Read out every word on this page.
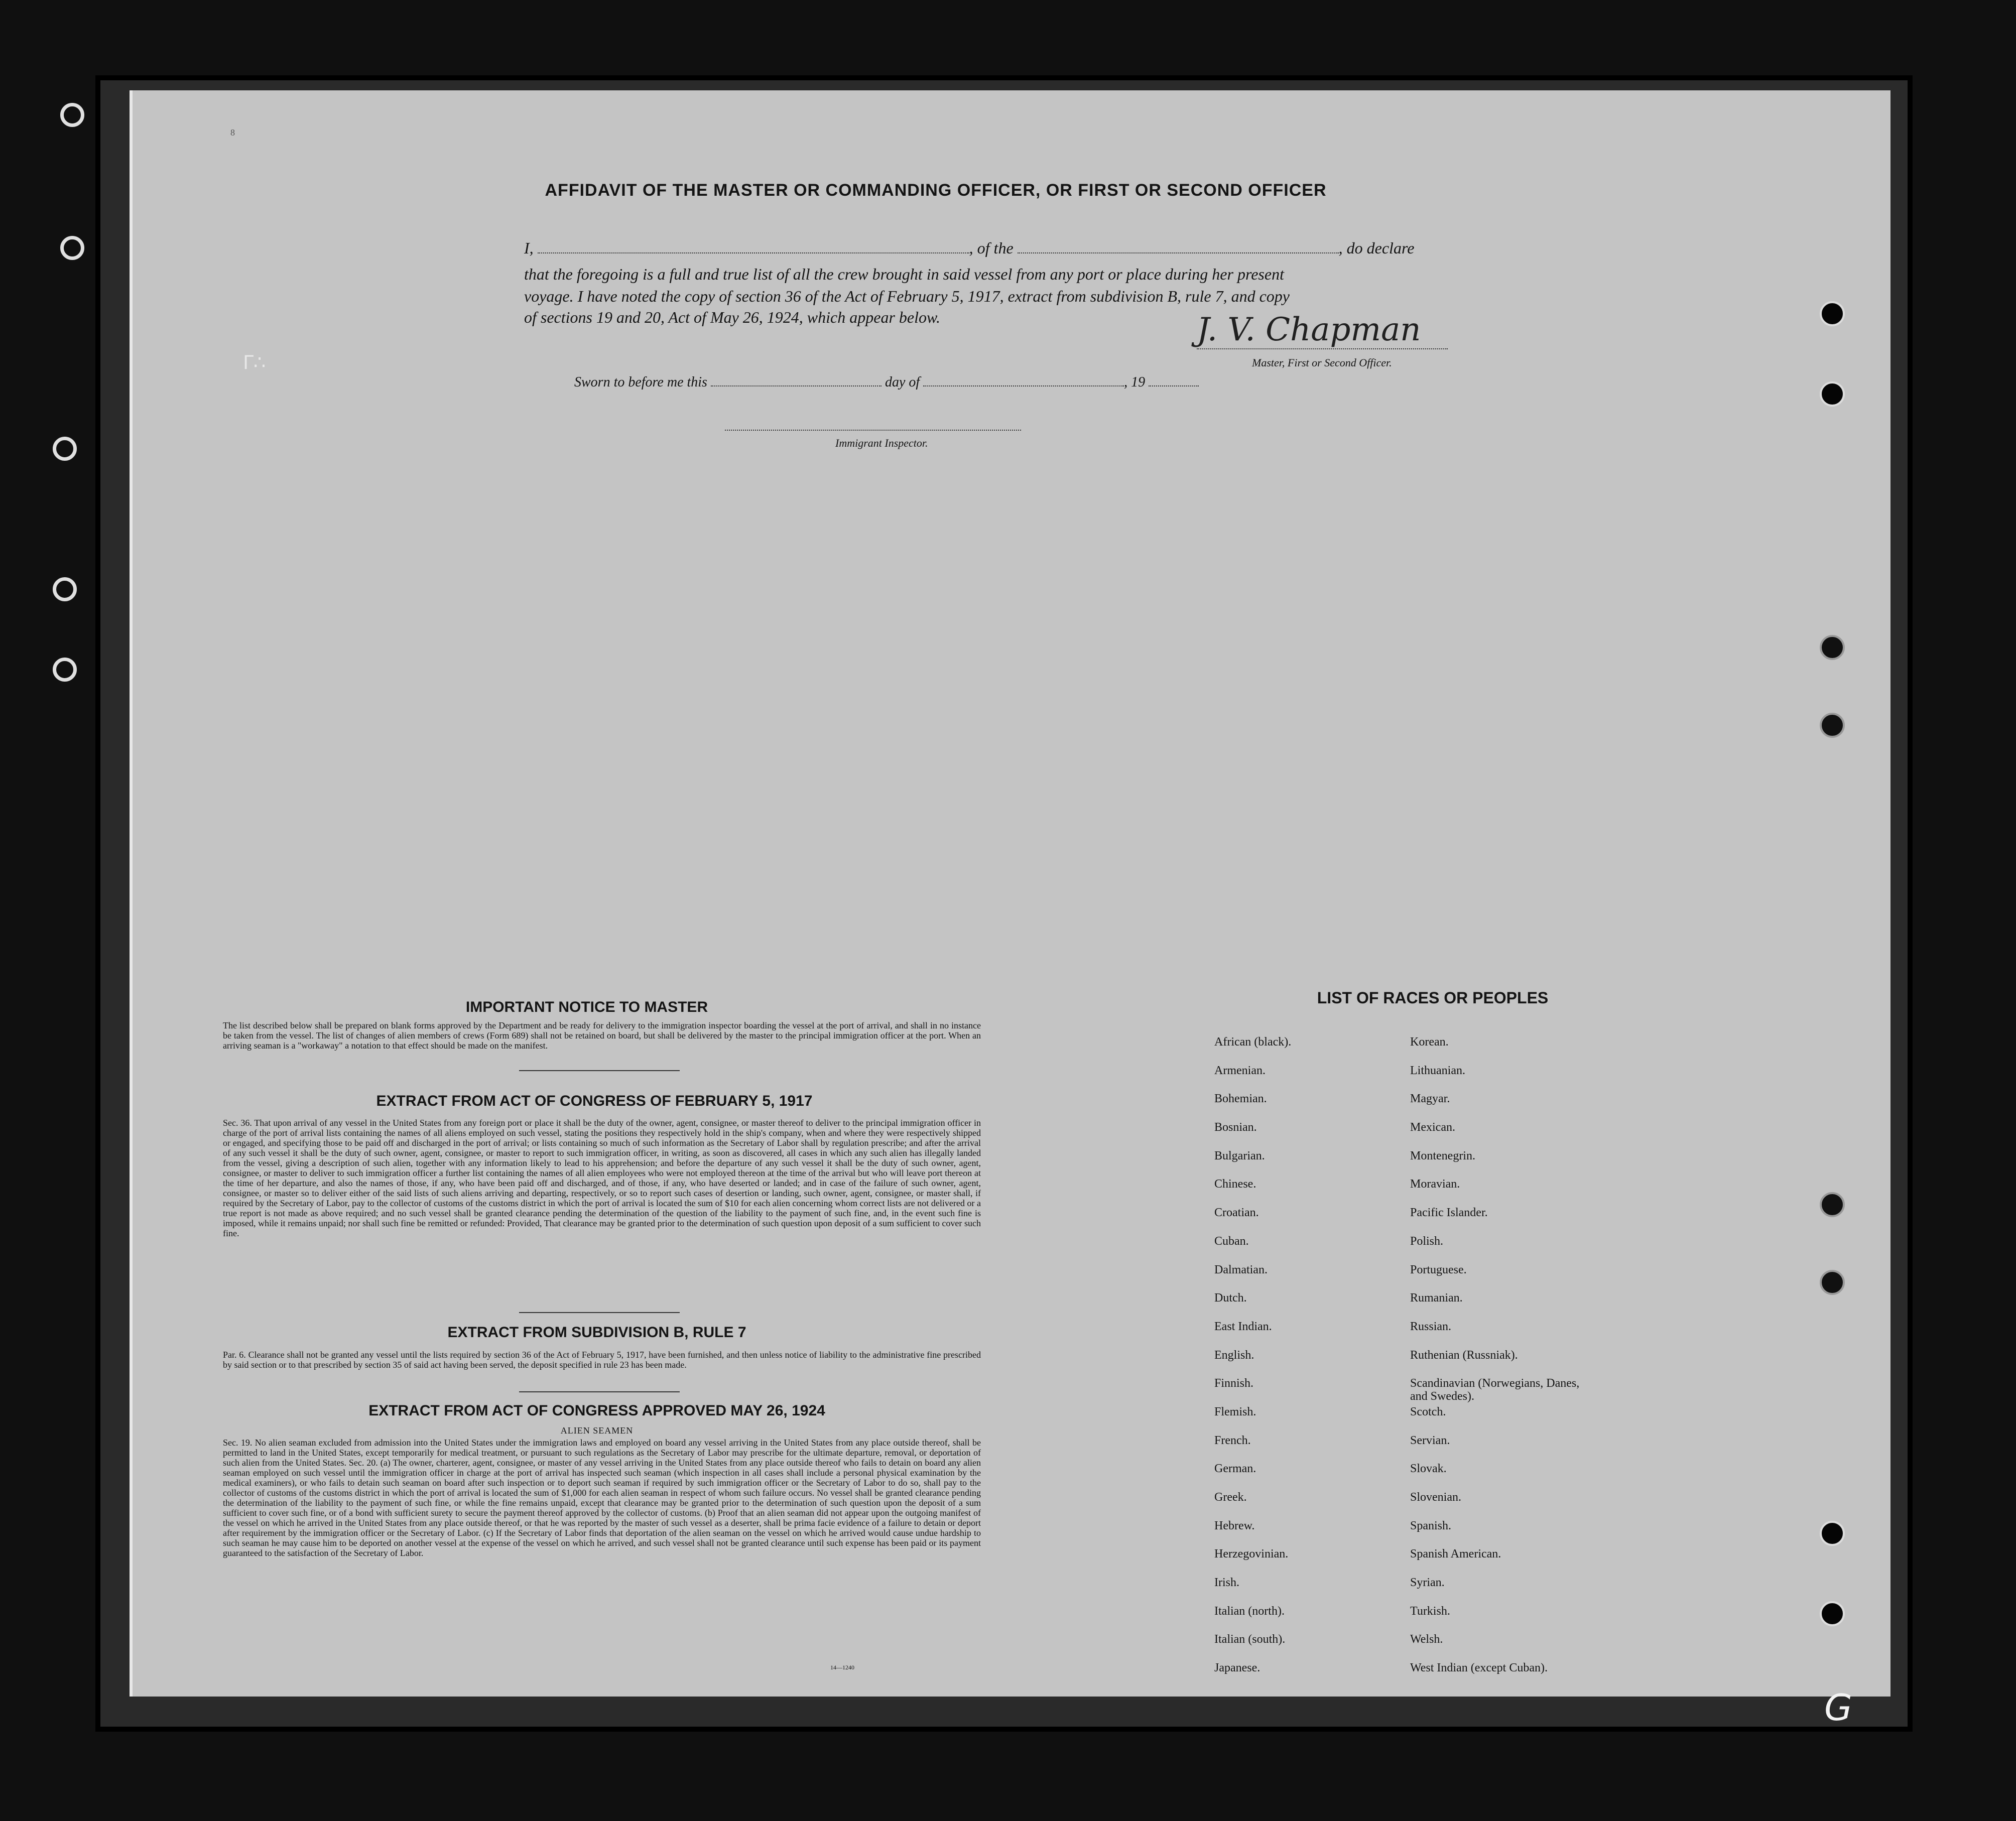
8
ᒥ∴
AFFIDAVIT OF THE MASTER OR COMMANDING OFFICER, OR FIRST OR SECOND OFFICER
I,	, of the	, do declare
that the foregoing is a full and true list of all the crew brought in said vessel from any port or place during her present
voyage. I have noted the copy of section 36 of the Act of February 5, 1917, extract from subdivision B, rule 7, and copy
of sections 19 and 20, Act of May 26, 1924, which appear below.	J. V. Chapman
Master, First or Second Officer.
Sworn to before me this	day of	, 19
Immigrant Inspector.
IMPORTANT NOTICE TO MASTER
The list described below shall be prepared on blank forms approved by the Department and be ready for delivery to the immigration inspector boarding the vessel at the port of arrival, and shall in no instance be taken from the vessel. The list of changes of alien members of crews (Form 689) shall not be retained on board, but shall be delivered by the master to the principal immigration officer at the port. When an arriving seaman is a "workaway" a notation to that effect should be made on the manifest.
EXTRACT FROM ACT OF CONGRESS OF FEBRUARY 5, 1917
Sec. 36. That upon arrival of any vessel in the United States from any foreign port or place it shall be the duty of the owner, agent, consignee, or master thereof to deliver to the principal immigration officer in charge of the port of arrival lists containing the names of all aliens employed on such vessel, stating the positions they respectively hold in the ship's company, when and where they were respectively shipped or engaged, and specifying those to be paid off and discharged in the port of arrival; or lists containing so much of such information as the Secretary of Labor shall by regulation prescribe; and after the arrival of any such vessel it shall be the duty of such owner, agent, consignee, or master to report to such immigration officer, in writing, as soon as discovered, all cases in which any such alien has illegally landed from the vessel, giving a description of such alien, together with any information likely to lead to his apprehension; and before the departure of any such vessel it shall be the duty of such owner, agent, consignee, or master to deliver to such immigration officer a further list containing the names of all alien employees who were not employed thereon at the time of the arrival but who will leave port thereon at the time of her departure, and also the names of those, if any, who have been paid off and discharged, and of those, if any, who have deserted or landed; and in case of the failure of such owner, agent, consignee, or master so to deliver either of the said lists of such aliens arriving and departing, respectively, or so to report such cases of desertion or landing, such owner, agent, consignee, or master shall, if required by the Secretary of Labor, pay to the collector of customs of the customs district in which the port of arrival is located the sum of $10 for each alien concerning whom correct lists are not delivered or a true report is not made as above required; and no such vessel shall be granted clearance pending the determination of the question of the liability to the payment of such fine, and, in the event such fine is imposed, while it remains unpaid; nor shall such fine be remitted or refunded: Provided, That clearance may be granted prior to the determination of such question upon deposit of a sum sufficient to cover such fine.
EXTRACT FROM SUBDIVISION B, RULE 7
Par. 6. Clearance shall not be granted any vessel until the lists required by section 36 of the Act of February 5, 1917, have been furnished, and then unless notice of liability to the administrative fine prescribed by said section or to that prescribed by section 35 of said act having been served, the deposit specified in rule 23 has been made.
EXTRACT FROM ACT OF CONGRESS APPROVED MAY 26, 1924
ALIEN SEAMEN
Sec. 19. No alien seaman excluded from admission into the United States under the immigration laws and employed on board any vessel arriving in the United States from any place outside thereof, shall be permitted to land in the United States, except temporarily for medical treatment, or pursuant to such regulations as the Secretary of Labor may prescribe for the ultimate departure, removal, or deportation of such alien from the United States. Sec. 20. (a) The owner, charterer, agent, consignee, or master of any vessel arriving in the United States from any place outside thereof who fails to detain on board any alien seaman employed on such vessel until the immigration officer in charge at the port of arrival has inspected such seaman (which inspection in all cases shall include a personal physical examination by the medical examiners), or who fails to detain such seaman on board after such inspection or to deport such seaman if required by such immigration officer or the Secretary of Labor to do so, shall pay to the collector of customs of the customs district in which the port of arrival is located the sum of $1,000 for each alien seaman in respect of whom such failure occurs. No vessel shall be granted clearance pending the determination of the liability to the payment of such fine, or while the fine remains unpaid, except that clearance may be granted prior to the determination of such question upon the deposit of a sum sufficient to cover such fine, or of a bond with sufficient surety to secure the payment thereof approved by the collector of customs. (b) Proof that an alien seaman did not appear upon the outgoing manifest of the vessel on which he arrived in the United States from any place outside thereof, or that he was reported by the master of such vessel as a deserter, shall be prima facie evidence of a failure to detain or deport after requirement by the immigration officer or the Secretary of Labor. (c) If the Secretary of Labor finds that deportation of the alien seaman on the vessel on which he arrived would cause undue hardship to such seaman he may cause him to be deported on another vessel at the expense of the vessel on which he arrived, and such vessel shall not be granted clearance until such expense has been paid or its payment guaranteed to the satisfaction of the Secretary of Labor.
14—1240
LIST OF RACES OR PEOPLES
African (black).
Armenian.
Bohemian.
Bosnian.
Bulgarian.
Chinese.
Croatian.
Cuban.
Dalmatian.
Dutch.
East Indian.
English.
Finnish.
Flemish.
French.
German.
Greek.
Hebrew.
Herzegovinian.
Irish.
Italian (north).
Italian (south).
Japanese.
Korean.
Lithuanian.
Magyar.
Mexican.
Montenegrin.
Moravian.
Pacific Islander.
Polish.
Portuguese.
Rumanian.
Russian.
Ruthenian (Russniak).
Scandinavian (Norwegians, Danes, and Swedes).
Scotch.
Servian.
Slovak.
Slovenian.
Spanish.
Spanish American.
Syrian.
Turkish.
Welsh.
West Indian (except Cuban).
G
